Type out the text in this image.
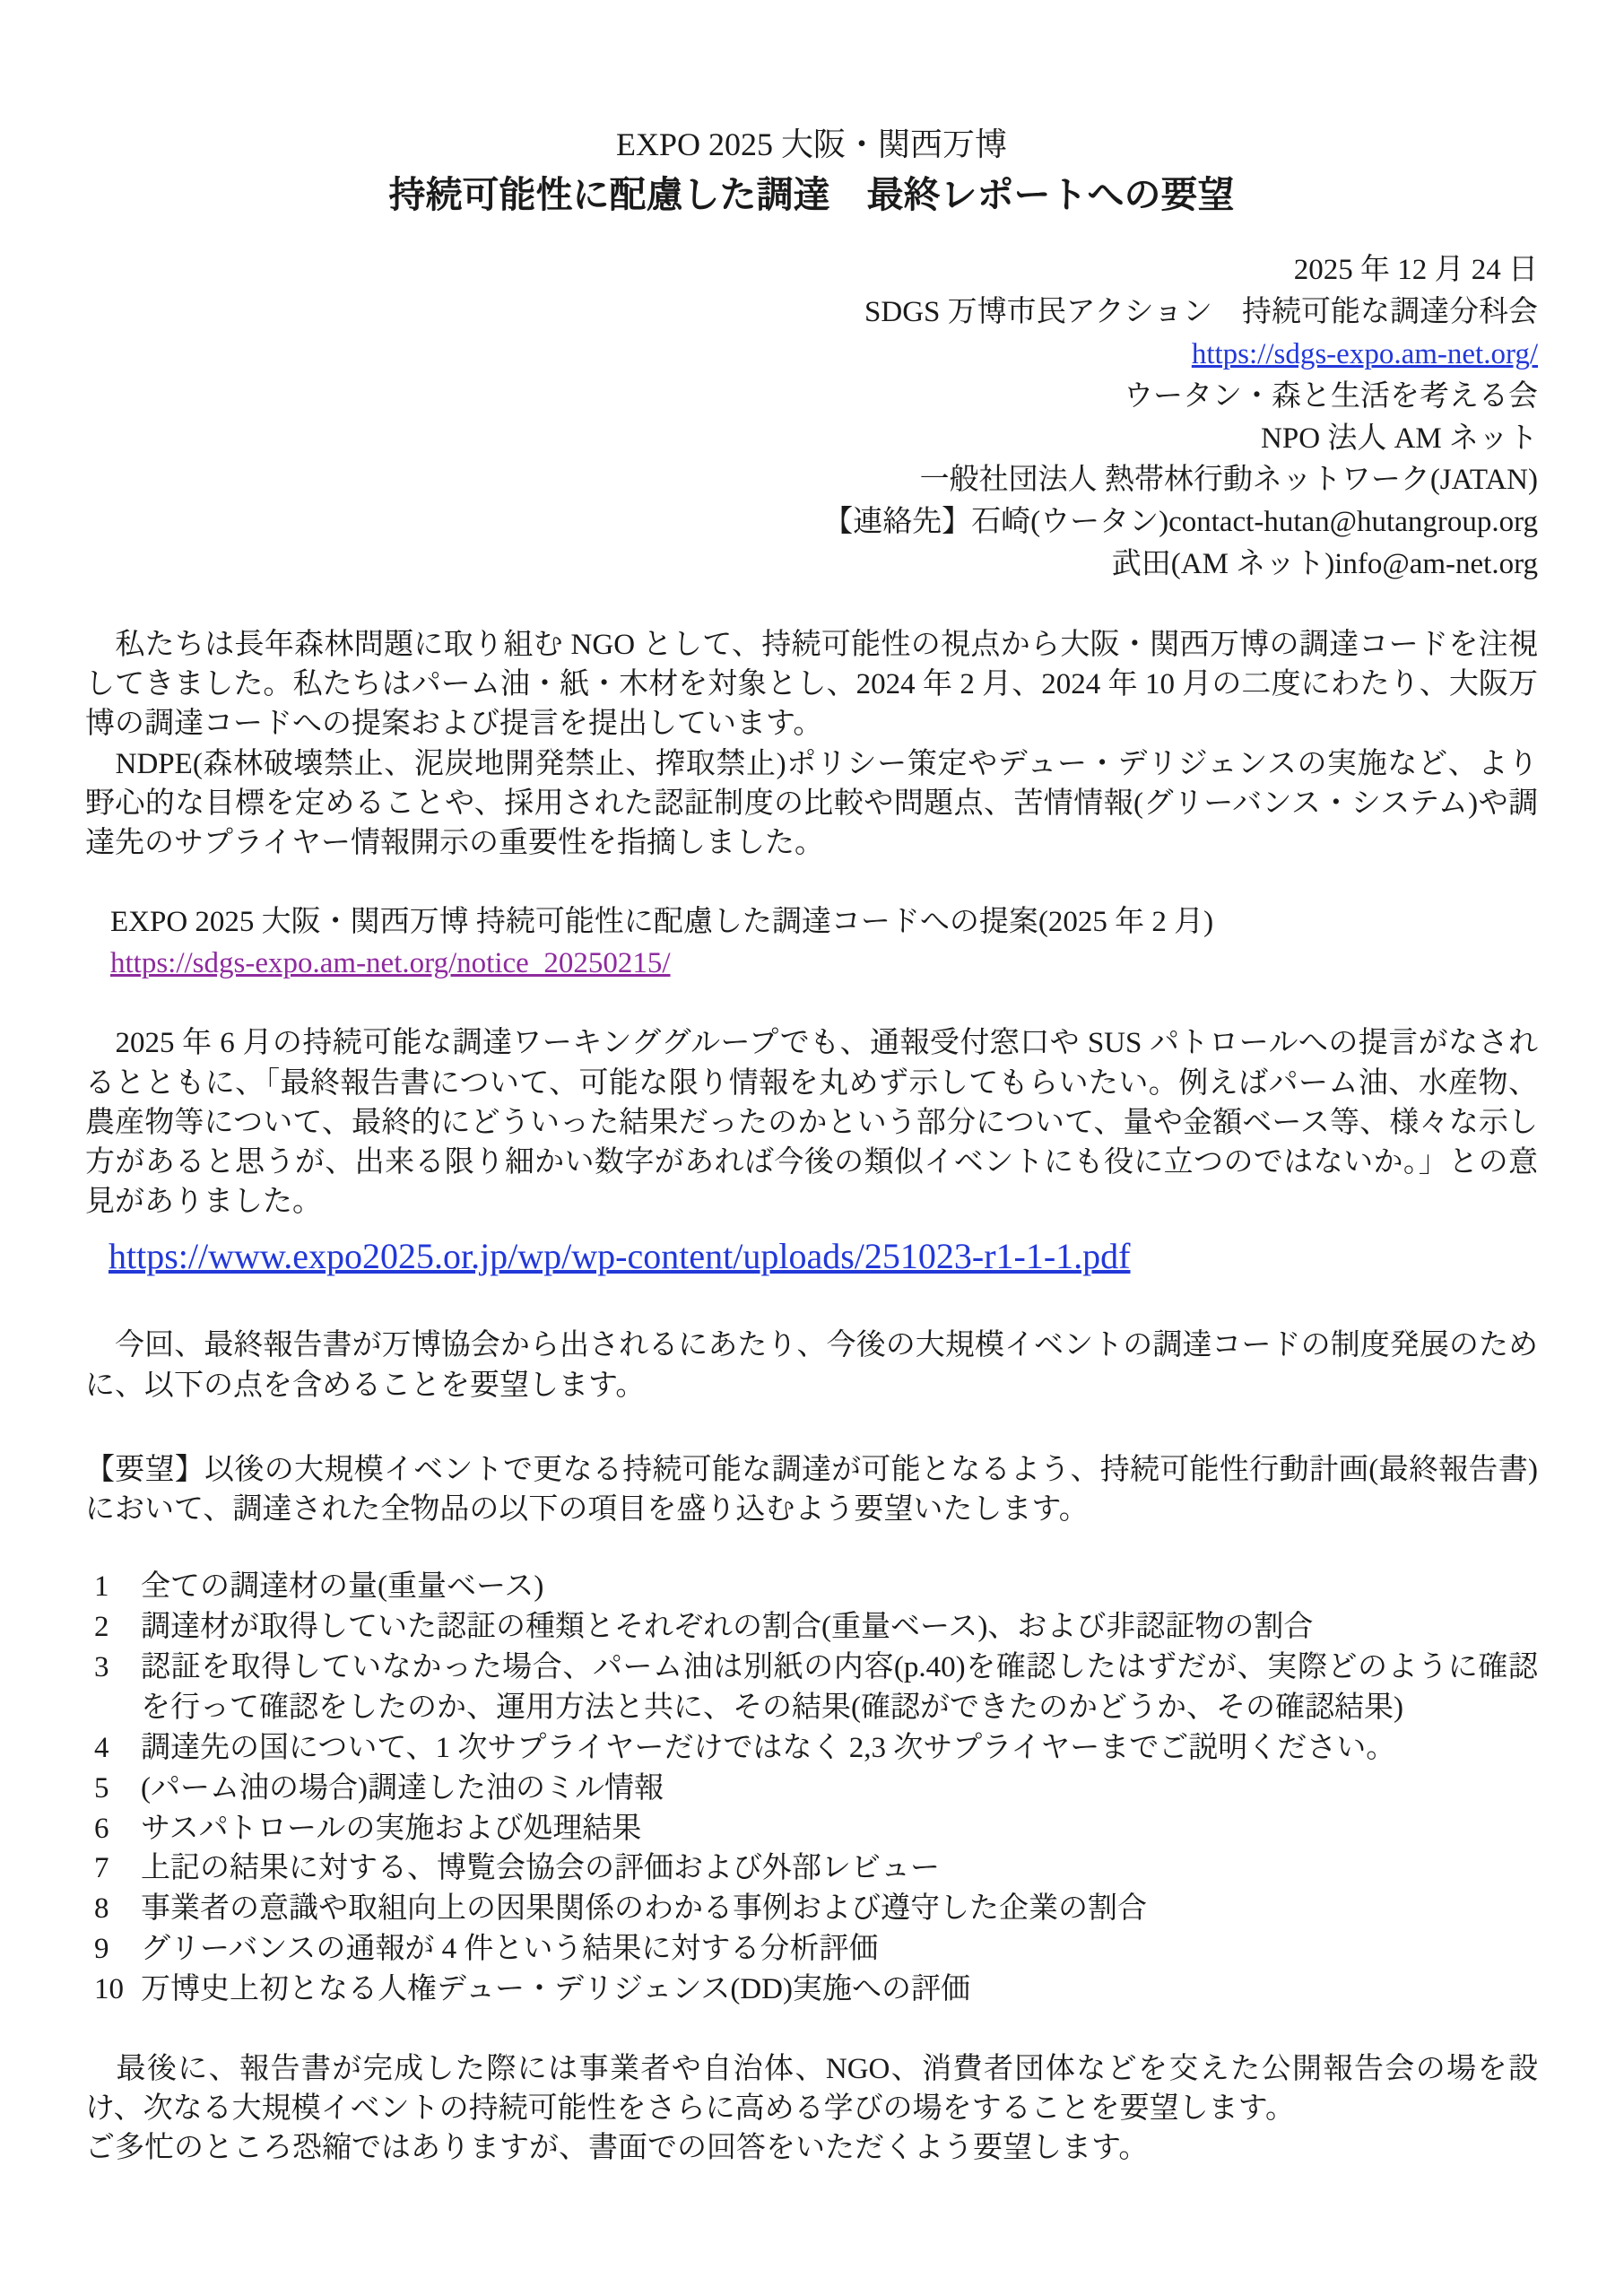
EXPO 2025 大阪・関西万博
持続可能性に配慮した調達　最終レポートへの要望
2025 年 12 月 24 日
SDGS 万博市民アクション　持続可能な調達分科会
https://sdgs-expo.am-net.org/
ウータン・森と生活を考える会
NPO 法人 AM ネット
一般社団法人 熱帯林行動ネットワーク(JATAN)
【連絡先】石崎(ウータン)contact-hutan@hutangroup.org
武田(AM ネット)info@am-net.org

　私たちは長年森林問題に取り組む NGO として、持続可能性の視点から大阪・関西万博の調達コードを注視してきました。私たちはパーム油・紙・木材を対象とし、2024 年 2 月、2024 年 10 月の二度にわたり、大阪万博の調達コードへの提案および提言を提出しています。

　NDPE(森林破壊禁止、泥炭地開発禁止、搾取禁止)ポリシー策定やデュー・デリジェンスの実施など、より野心的な目標を定めることや、採用された認証制度の比較や問題点、苦情情報(グリーバンス・システム)や調達先のサプライヤー情報開示の重要性を指摘しました。

EXPO 2025 大阪・関西万博 持続可能性に配慮した調達コードへの提案(2025 年 2 月)
https://sdgs-expo.am-net.org/notice_20250215/

　2025 年 6 月の持続可能な調達ワーキンググループでも、通報受付窓口や SUS パトロールへの提言がなされるとともに、「最終報告書について、可能な限り情報を丸めず示してもらいたい。例えばパーム油、水産物、農産物等について、最終的にどういった結果だったのかという部分について、量や金額ベース等、様々な示し方があると思うが、出来る限り細かい数字があれば今後の類似イベントにも役に立つのではないか。」との意見がありました。

https://www.expo2025.or.jp/wp/wp-content/uploads/251023-r1-1-1.pdf

　今回、最終報告書が万博協会から出されるにあたり、今後の大規模イベントの調達コードの制度発展のために、以下の点を含めることを要望します。

【要望】以後の大規模イベントで更なる持続可能な調達が可能となるよう、持続可能性行動計画(最終報告書)において、調達された全物品の以下の項目を盛り込むよう要望いたします。

1	全ての調達材の量(重量ベース)
2	調達材が取得していた認証の種類とそれぞれの割合(重量ベース)、および非認証物の割合
3	認証を取得していなかった場合、パーム油は別紙の内容(p.40)を確認したはずだが、実際どのように確認を行って確認をしたのか、運用方法と共に、その結果(確認ができたのかどうか、その確認結果)
4	調達先の国について、1 次サプライヤーだけではなく 2,3 次サプライヤーまでご説明ください。
5	(パーム油の場合)調達した油のミル情報
6	サスパトロールの実施および処理結果
7	上記の結果に対する、博覧会協会の評価および外部レビュー
8	事業者の意識や取組向上の因果関係のわかる事例および遵守した企業の割合
9	グリーバンスの通報が 4 件という結果に対する分析評価
10 万博史上初となる人権デュー・デリジェンス(DD)実施への評価

　最後に、報告書が完成した際には事業者や自治体、NGO、消費者団体などを交えた公開報告会の場を設け、次なる大規模イベントの持続可能性をさらに高める学びの場をすることを要望します。

ご多忙のところ恐縮ではありますが、書面での回答をいただくよう要望します。
